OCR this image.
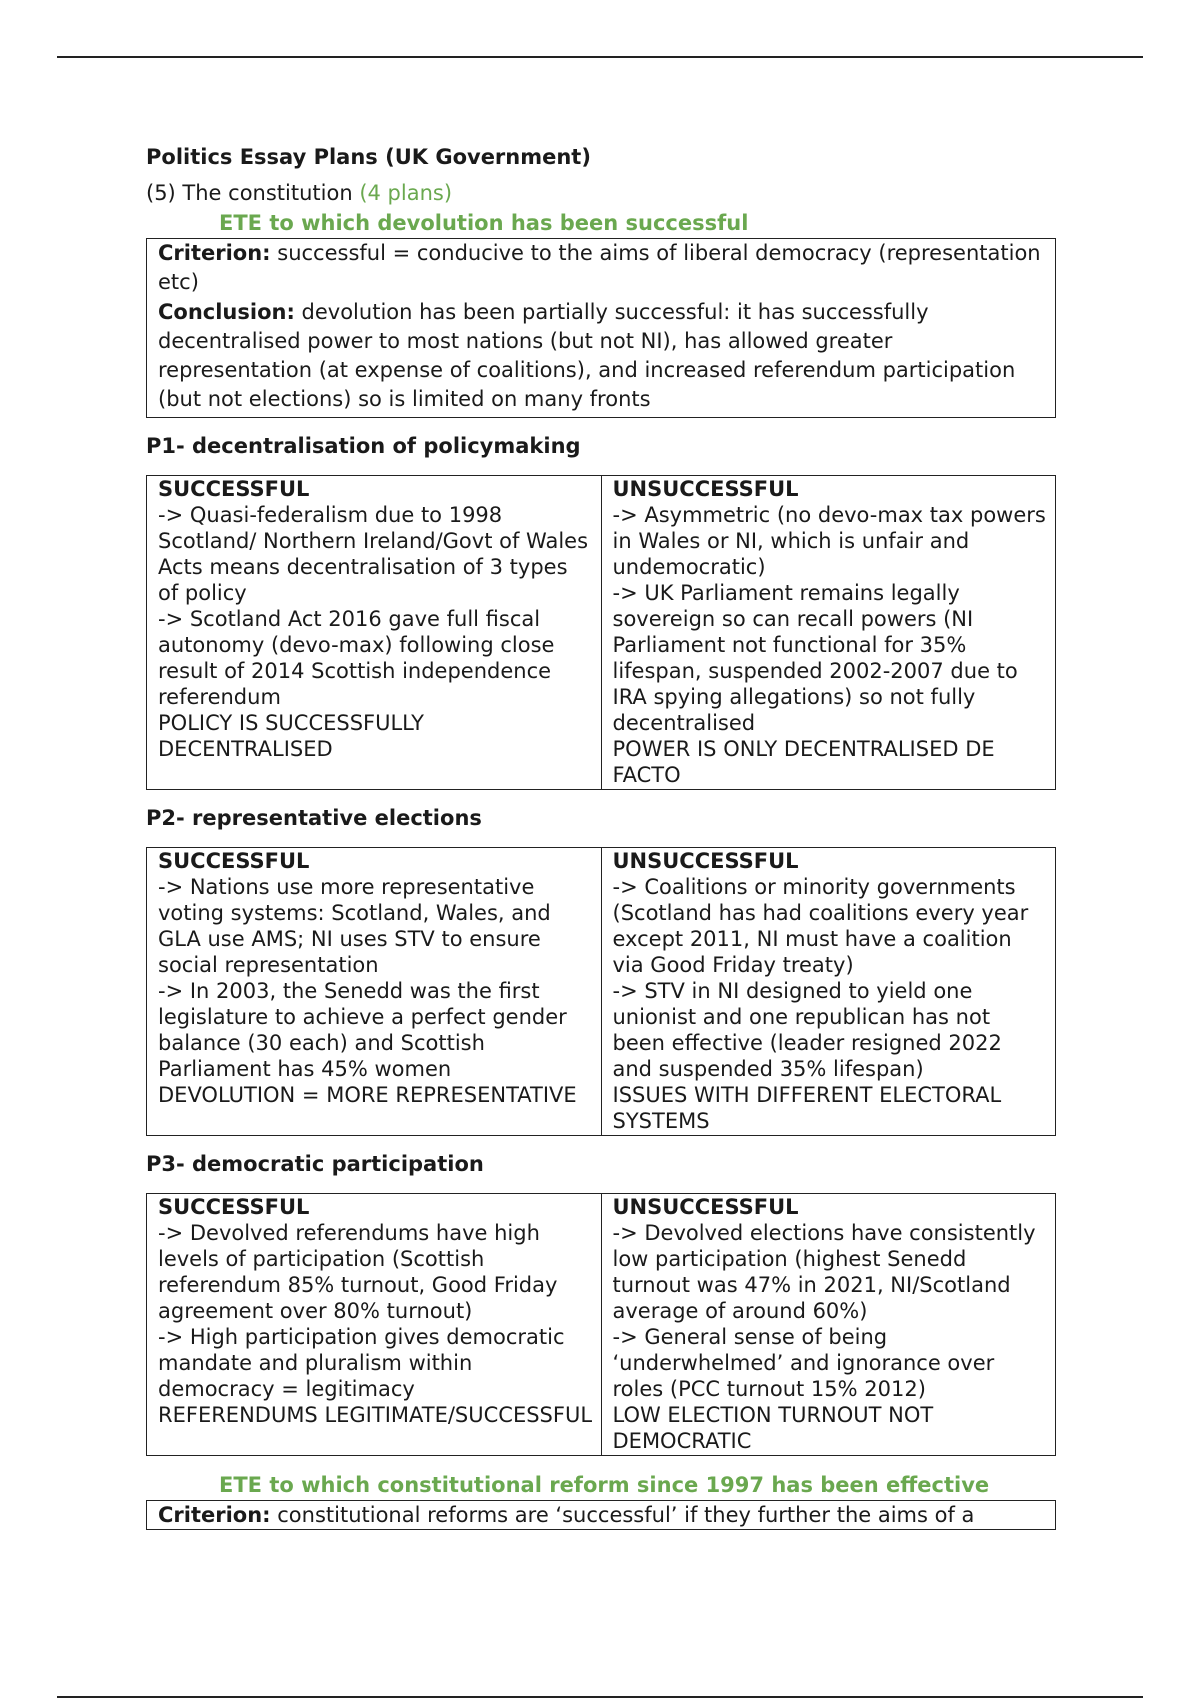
Politics Essay Plans (UK Government)

(5) The constitution (4 plans)

ETE to which devolution has been successful

Criterion: successful = conducive to the aims of liberal democracy (representation etc)

Conclusion: devolution has been partially successful: it has successfully decentralised power to most nations (but not NI), has allowed greater representation (at expense of coalitions), and increased referendum participation (but not elections) so is limited on many fronts

P1- decentralisation of policymaking
SUCCESSFUL
-> Quasi-federalism due to 1998 Scotland/ Northern Ireland/Govt of Wales Acts means decentralisation of 3 types of policy
-> Scotland Act 2016 gave full fiscal autonomy (devo-max) following close result of 2014 Scottish independence referendum
POLICY IS SUCCESSFULLY DECENTRALISED
UNSUCCESSFUL
-> Asymmetric (no devo-max tax powers in Wales or NI, which is unfair and undemocratic)
-> UK Parliament remains legally sovereign so can recall powers (NI Parliament not functional for 35% lifespan, suspended 2002-2007 due to IRA spying allegations) so not fully decentralised
POWER IS ONLY DECENTRALISED DE FACTO
P2- representative elections
SUCCESSFUL
-> Nations use more representative voting systems: Scotland, Wales, and GLA use AMS; NI uses STV to ensure social representation
-> In 2003, the Senedd was the first legislature to achieve a perfect gender balance (30 each) and Scottish Parliament has 45% women
DEVOLUTION = MORE REPRESENTATIVE
UNSUCCESSFUL
-> Coalitions or minority governments (Scotland has had coalitions every year except 2011, NI must have a coalition via Good Friday treaty)
-> STV in NI designed to yield one unionist and one republican has not been effective (leader resigned 2022 and suspended 35% lifespan)
ISSUES WITH DIFFERENT ELECTORAL SYSTEMS
P3- democratic participation
SUCCESSFUL
-> Devolved referendums have high levels of participation (Scottish referendum 85% turnout, Good Friday agreement over 80% turnout)
-> High participation gives democratic mandate and pluralism within democracy = legitimacy
REFERENDUMS LEGITIMATE/SUCCESSFUL
UNSUCCESSFUL
-> Devolved elections have consistently low participation (highest Senedd turnout was 47% in 2021, NI/Scotland average of around 60%)
-> General sense of being ‘underwhelmed’ and ignorance over roles (PCC turnout 15% 2012)
LOW ELECTION TURNOUT NOT DEMOCRATIC
ETE to which constitutional reform since 1997 has been effective
Criterion: constitutional reforms are ‘successful’ if they further the aims of a
